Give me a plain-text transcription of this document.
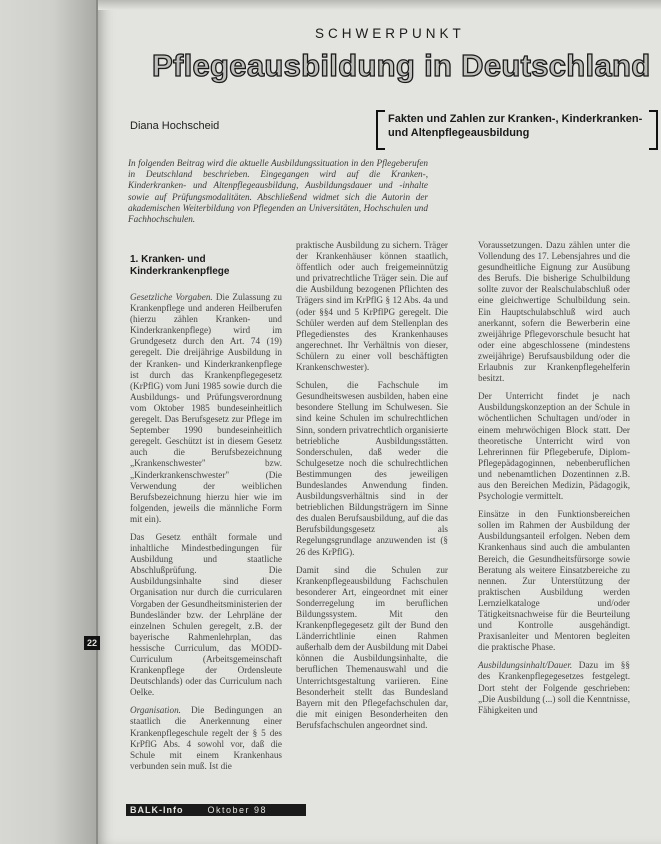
SCHWERPUNKT
Pflegeausbildung in Deutschland
Diana Hochscheid
Fakten und Zahlen zur Kranken-, Kinderkranken-
und Altenpflegeausbildung
In folgenden Beitrag wird die aktuelle Ausbildungssituation in den Pflegeberufen in Deutschland beschrieben. Eingegangen wird auf die Kranken-, Kinderkranken- und Altenpflegeausbildung, Ausbildungsdauer und -inhalte sowie auf Prüfungsmodalitäten. Abschließend widmet sich die Autorin der akademischen Weiterbildung von Pflegenden an Universitäten, Hochschulen und Fachhochschulen.
1. Kranken- und
Kinderkrankenpflege

Gesetzliche Vorgaben. Die Zulassung zu Krankenpflege und anderen Heilberufen (hierzu zählen Kranken- und Kinderkrankenpflege) wird im Grundgesetz durch den Art. 74 (19) geregelt. Die dreijährige Ausbildung in der Kranken- und Kinderkrankenpflege ist durch das Krankenpflegegesetz (KrPflG) vom Juni 1985 sowie durch die Ausbildungs- und Prüfungsverordnung vom Oktober 1985 bundeseinheitlich geregelt. Das Berufsgesetz zur Pflege im September 1990 bundeseinheitlich geregelt. Geschützt ist in diesem Gesetz auch die Berufsbezeichnung „Krankenschwester" bzw. „Kinderkrankenschwester" (Die Verwendung der weiblichen Berufsbezeichnung hierzu hier wie im folgenden, jeweils die männliche Form mit ein).

Das Gesetz enthält formale und inhaltliche Mindestbedingungen für Ausbildung und staatliche Abschlußprüfung. Die Ausbildungsinhalte sind dieser Organisation nur durch die curricularen Vorgaben der Gesundheitsministerien der Bundesländer bzw. der Lehrpläne der einzelnen Schulen geregelt, z.B. der bayerische Rahmenlehrplan, das hessische Curriculum, das MODD-Curriculum (Arbeitsgemeinschaft Krankenpflege der Ordensleute Deutschlands) oder das Curriculum nach Oelke.

Organisation. Die Bedingungen an staatlich die Anerkennung einer Krankenpflegeschule regelt der § 5 des KrPflG Abs. 4 sowohl vor, daß die Schule mit einem Krankenhaus verbunden sein muß. Ist die

praktische Ausbildung zu sichern. Träger der Krankenhäuser können staatlich, öffentlich oder auch freigemeinnützig und privatrechtliche Träger sein. Die auf die Ausbildung bezogenen Pflichten des Trägers sind im KrPflG § 12 Abs. 4a und (oder §§4 und 5 KrPflPG geregelt. Die Schüler werden auf dem Stellenplan des Pflegedienstes des Krankenhauses angerechnet. Ihr Verhältnis von dieser, Schülern zu einer voll beschäftigten Krankenschwester).

Schulen, die Fachschule im Gesundheitswesen ausbilden, haben eine besondere Stellung im Schulwesen. Sie sind keine Schulen im schulrechtlichen Sinn, sondern privatrechtlich organisierte betriebliche Ausbildungsstätten. Sonderschulen, daß weder die Schulgesetze noch die schulrechtlichen Bestimmungen des jeweiligen Bundeslandes Anwendung finden. Ausbildungsverhältnis sind in der betrieblichen Bildungsträgern im Sinne des dualen Berufsausbildung, auf die das Berufsbildungsgesetz als Regelungsgrundlage anzuwenden ist (§ 26 des KrPflG).

Damit sind die Schulen zur Krankenpflegeausbildung Fachschulen besonderer Art, eingeordnet mit einer Sonderregelung im beruflichen Bildungssystem. Mit den Krankenpflegegesetz gilt der Bund den Länderrichtlinie einen Rahmen außerhalb dem der Ausbildung mit Dabei können die Ausbildungsinhalte, die beruflichen Themenauswahl und die Unterrichtsgestaltung variieren. Eine Besonderheit stellt das Bundesland Bayern mit den Pflegefachschulen dar, die mit einigen Besonderheiten den Berufsfachschulen angeordnet sind.

Voraussetzungen. Dazu zählen unter die Vollendung des 17. Lebensjahres und die gesundheitliche Eignung zur Ausübung des Berufs. Die bisherige Schulbildung sollte zuvor der Realschulabschluß oder eine gleichwertige Schulbildung sein. Ein Hauptschulabschluß wird auch anerkannt, sofern die Bewerberin eine zweijährige Pflegevorschule besucht hat oder eine abgeschlossene (mindestens zweijährige) Berufsausbildung oder die Erlaubnis zur Krankenpflegehelferin besitzt.

Der Unterricht findet je nach Ausbildungskonzeption an der Schule in wöchentlichen Schultagen und/oder in einem mehrwöchigen Block statt. Der theoretische Unterricht wird von Lehrerinnen für Pflegeberufe, Diplom-Pflegepädagoginnen, nebenberuflichen und nebenamtlichen Dozentinnen z.B. aus den Bereichen Medizin, Pädagogik, Psychologie vermittelt.

Einsätze in den Funktionsbereichen sollen im Rahmen der Ausbildung der Ausbildungsanteil erfolgen. Neben dem Krankenhaus sind auch die ambulanten Bereich, die Gesundheitsfürsorge sowie Beratung als weitere Einsatzbereiche zu nennen. Zur Unterstützung der praktischen Ausbildung werden Lernzielkataloge und/oder Tätigkeitsnachweise für die Beurteilung und Kontrolle ausgehändigt. Praxisanleiter und Mentoren begleiten die praktische Phase.

Ausbildungsinhalt/Dauer. Dazu im §§ des Krankenpflegegesetzes festgelegt. Dort steht der Folgende geschrieben: „Die Ausbildung (...) soll die Kenntnisse, Fähigkeiten und

BALK-Info	Oktober 98
22
